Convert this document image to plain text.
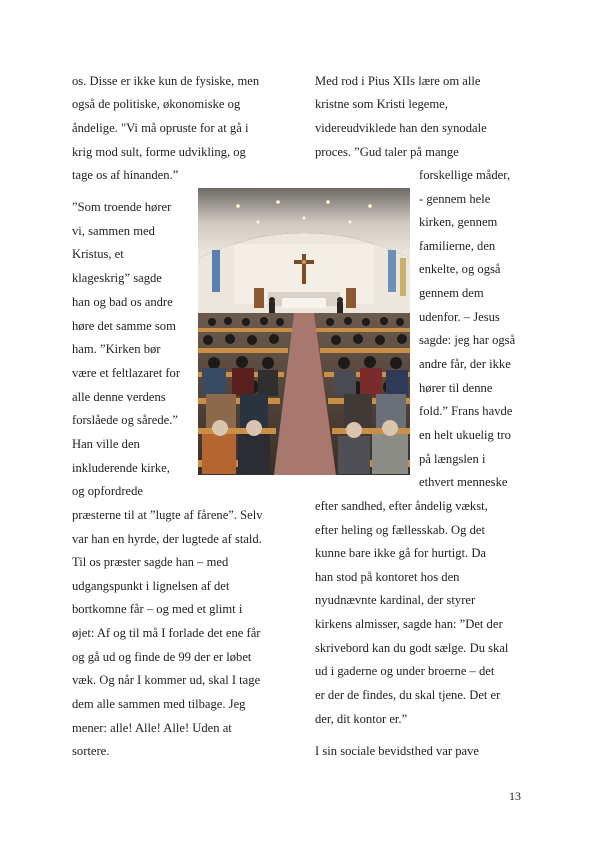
os. Disse er ikke kun de fysiske, men
også de politiske, økonomiske og
åndelige. "Vi må opruste for at gå i
krig mod sult, forme udvikling, og
tage os af hinanden.”
”Som troende hører
vi, sammen med
Kristus, et
klageskrig” sagde
han og bad os andre
høre det samme som
ham. ”Kirken bør
være et feltlazaret for
alle denne verdens
forslåede og sårede.”
Han ville den
inkluderende kirke,
og opfordrede
præsterne til at ”lugte af fårene”. Selv
var han en hyrde, der lugtede af stald.
Til os præster sagde han – med
udgangspunkt i lignelsen af det
bortkomne får – og med et glimt i
øjet: Af og til må I forlade det ene får
og gå ud og finde de 99 der er løbet
væk. Og når I kommer ud, skal I tage
dem alle sammen med tilbage. Jeg
mener: alle! Alle! Alle! Uden at
sortere.
Med rod i Pius XIIs lære om alle
kristne som Kristi legeme,
videreudviklede han den synodale
proces. ”Gud taler på mange
forskellige måder,
- gennem hele
kirken, gennem
familierne, den
enkelte, og også
gennem dem
udenfor. – Jesus
sagde: jeg har også
andre får, der ikke
hører til denne
fold.” Frans havde
en helt ukuelig tro
på længslen i
ethvert menneske
efter sandhed, efter åndelig vækst,
efter heling og fællesskab. Og det
kunne bare ikke gå for hurtigt. Da
han stod på kontoret hos den
nyudnævnte kardinal, der styrer
kirkens almisser, sagde han: ”Det der
skrivebord kan du godt sælge. Du skal
ud i gaderne og under broerne – det
er der de findes, du skal tjene. Det er
der, dit kontor er.”
I sin sociale bevidsthed var pave
13
